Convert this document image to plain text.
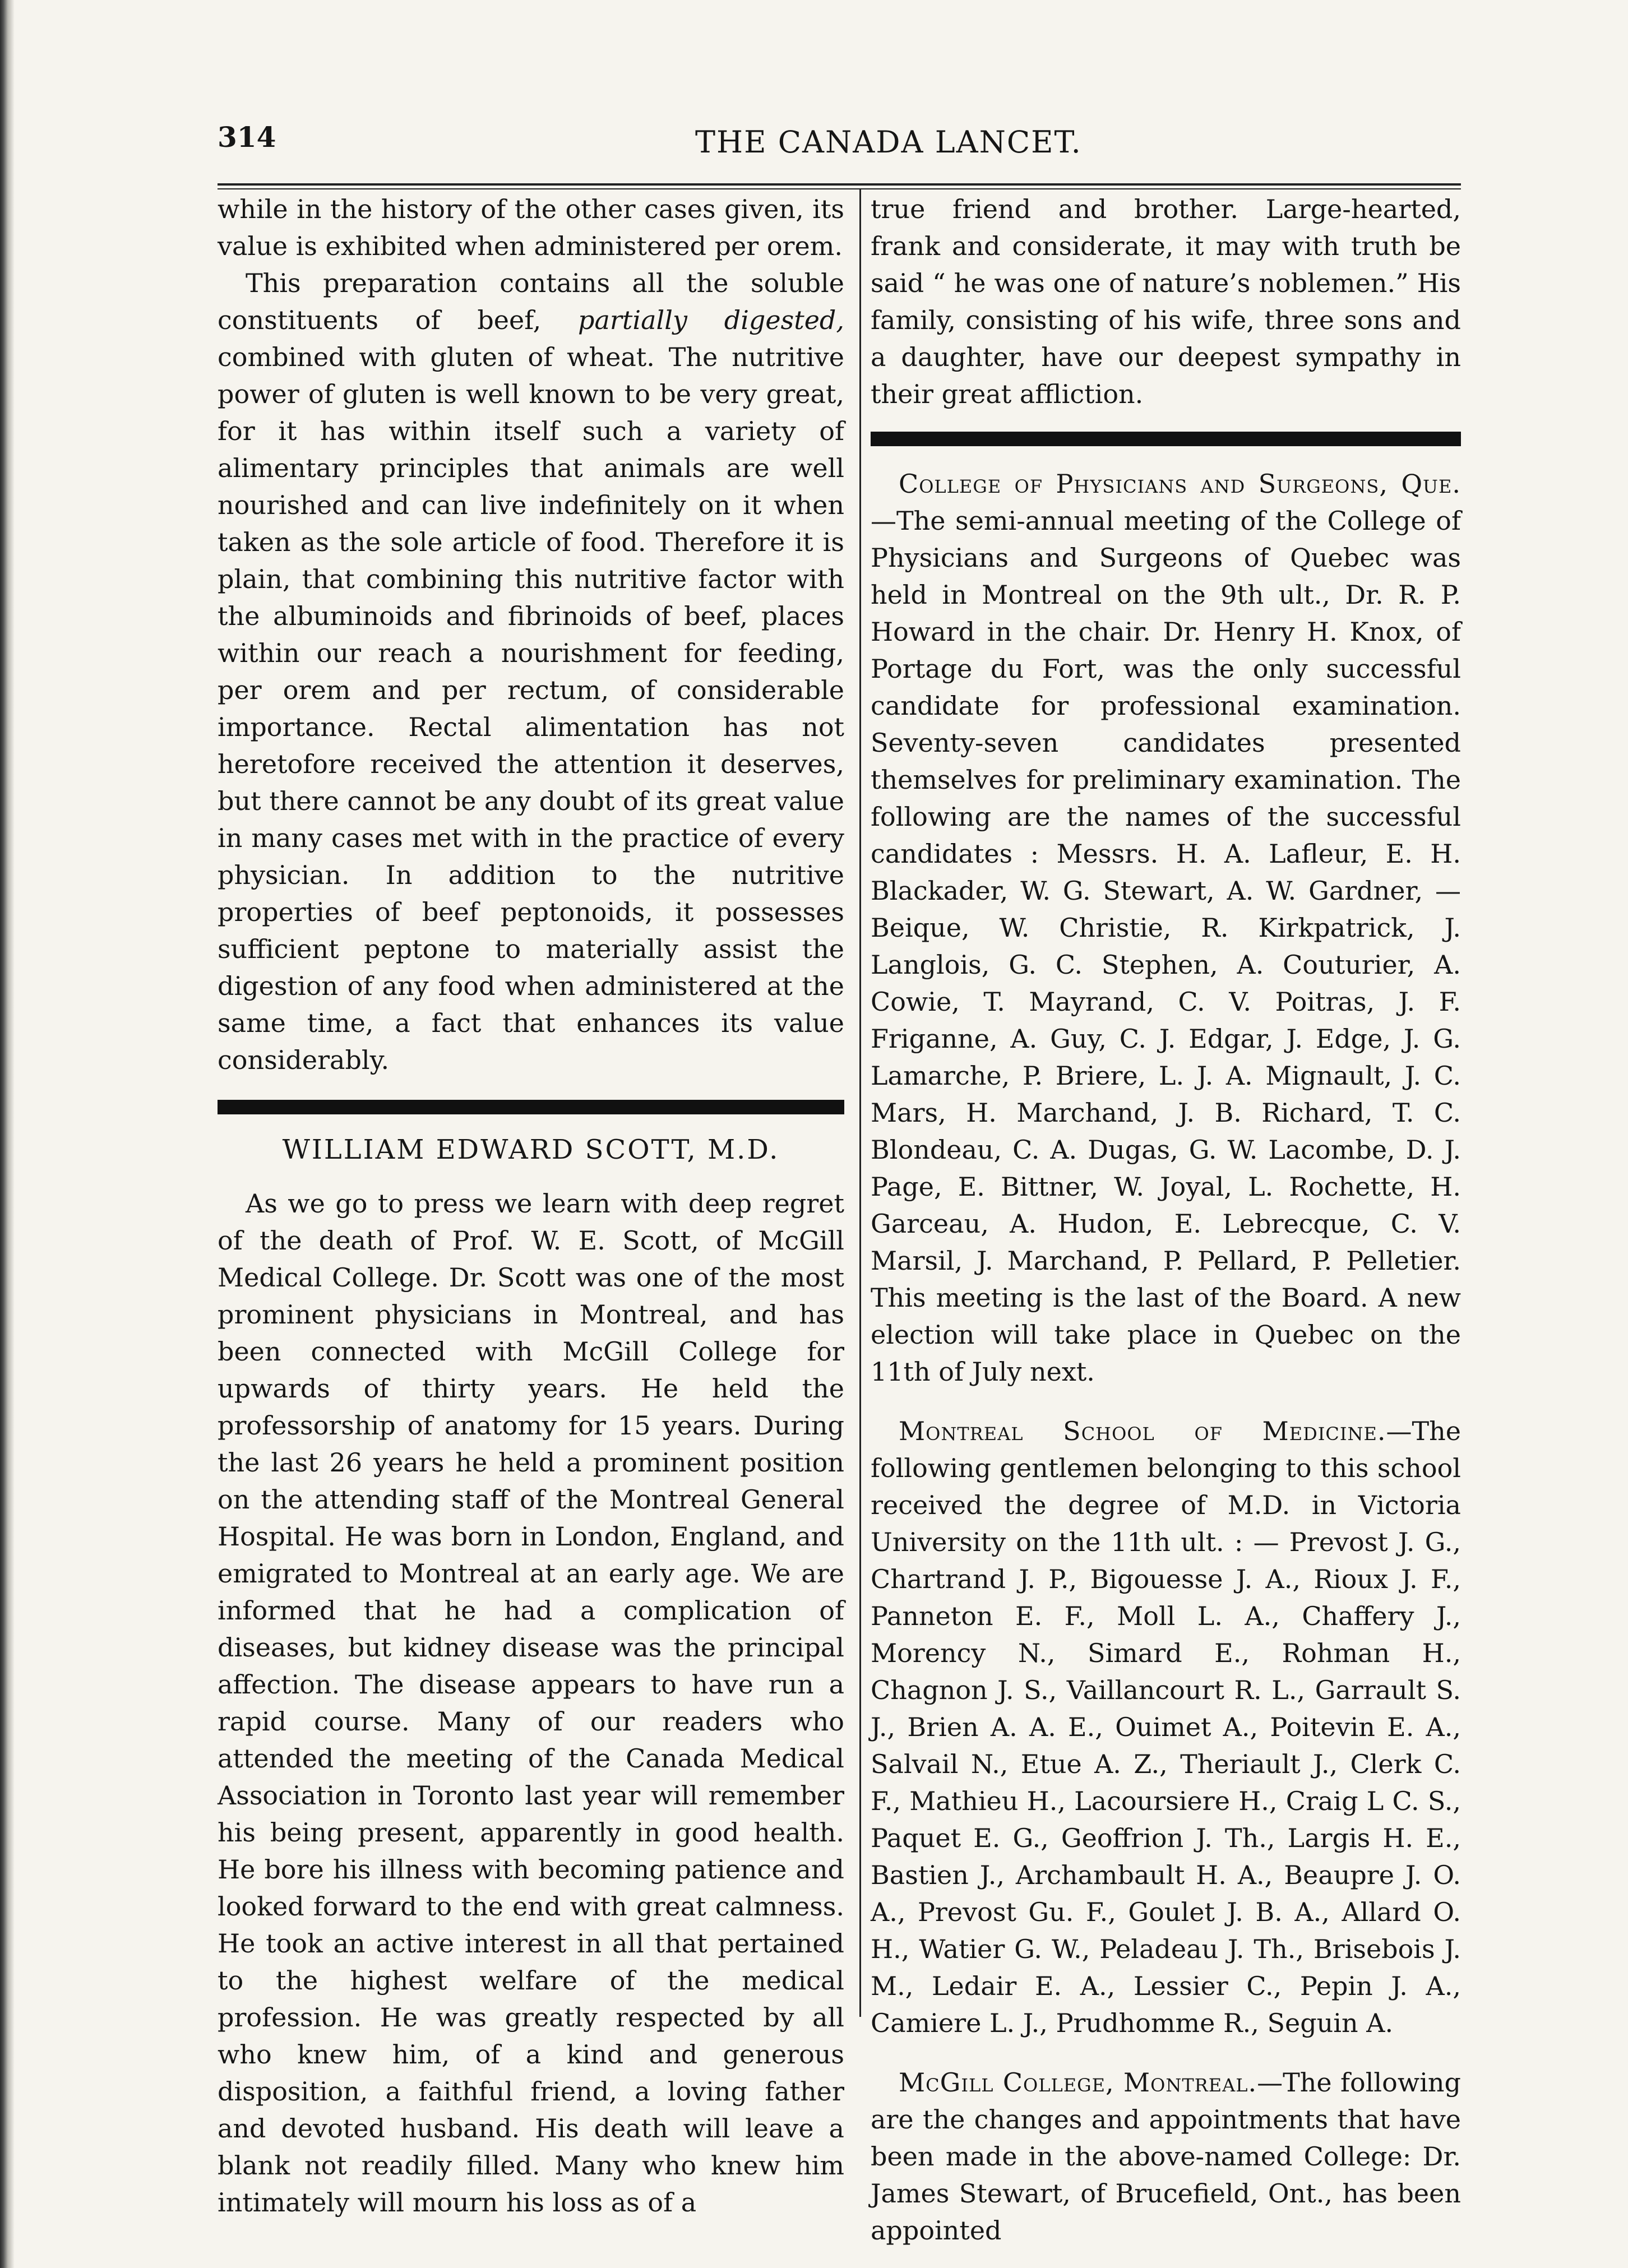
314	THE CANADA LANCET.

while in the history of the other cases given, its value is exhibited when administered per orem.

This preparation contains all the soluble constituents of beef, partially digested, combined with gluten of wheat. The nutritive power of gluten is well known to be very great, for it has within itself such a variety of alimentary principles that animals are well nourished and can live indefinitely on it when taken as the sole article of food. Therefore it is plain, that combining this nutritive factor with the albuminoids and fibrinoids of beef, places within our reach a nourishment for feeding, per orem and per rectum, of considerable importance. Rectal alimentation has not heretofore received the attention it deserves, but there cannot be any doubt of its great value in many cases met with in the practice of every physician. In addition to the nutritive properties of beef peptonoids, it possesses sufficient peptone to materially assist the digestion of any food when administered at the same time, a fact that enhances its value considerably.

WILLIAM EDWARD SCOTT, M.D.

As we go to press we learn with deep regret of the death of Prof. W. E. Scott, of McGill Medical College. Dr. Scott was one of the most prominent physicians in Montreal, and has been connected with McGill College for upwards of thirty years. He held the professorship of anatomy for 15 years. During the last 26 years he held a prominent position on the attending staff of the Montreal General Hospital. He was born in London, England, and emigrated to Montreal at an early age. We are informed that he had a complication of diseases, but kidney disease was the principal affection. The disease appears to have run a rapid course. Many of our readers who attended the meeting of the Canada Medical Association in Toronto last year will remember his being present, apparently in good health. He bore his illness with becoming patience and looked forward to the end with great calmness. He took an active interest in all that pertained to the highest welfare of the medical profession. He was greatly respected by all who knew him, of a kind and generous disposition, a faithful friend, a loving father and devoted husband. His death will leave a blank not readily filled. Many who knew him intimately will mourn his loss as of a

true friend and brother. Large-hearted, frank and considerate, it may with truth be said “ he was one of nature’s noblemen.” His family, consisting of his wife, three sons and a daughter, have our deepest sympathy in their great affliction.

College of Physicians and Surgeons, Que.—The semi-annual meeting of the College of Physicians and Surgeons of Quebec was held in Montreal on the 9th ult., Dr. R. P. Howard in the chair. Dr. Henry H. Knox, of Portage du Fort, was the only successful candidate for professional examination. Seventy-seven candidates presented themselves for preliminary examination. The following are the names of the successful candidates : Messrs. H. A. Lafleur, E. H. Blackader, W. G. Stewart, A. W. Gardner, — Beique, W. Christie, R. Kirkpatrick, J. Langlois, G. C. Stephen, A. Couturier, A. Cowie, T. Mayrand, C. V. Poitras, J. F. Friganne, A. Guy, C. J. Edgar, J. Edge, J. G. Lamarche, P. Briere, L. J. A. Mignault, J. C. Mars, H. Marchand, J. B. Richard, T. C. Blondeau, C. A. Dugas, G. W. Lacombe, D. J. Page, E. Bittner, W. Joyal, L. Rochette, H. Garceau, A. Hudon, E. Lebrecque, C. V. Marsil, J. Marchand, P. Pellard, P. Pelletier. This meeting is the last of the Board. A new election will take place in Quebec on the 11th of July next.

Montreal School of Medicine.—The following gentlemen belonging to this school received the degree of M.D. in Victoria University on the 11th ult. : — Prevost J. G., Chartrand J. P., Bigouesse J. A., Rioux J. F., Panneton E. F., Moll L. A., Chaffery J., Morency N., Simard E., Rohman H., Chagnon J. S., Vaillancourt R. L., Garrault S. J., Brien A. A. E., Ouimet A., Poitevin E. A., Salvail N., Etue A. Z., Theriault J., Clerk C. F., Mathieu H., Lacoursiere H., Craig L C. S., Paquet E. G., Geoffrion J. Th., Largis H. E., Bastien J., Archambault H. A., Beaupre J. O. A., Prevost Gu. F., Goulet J. B. A., Allard O. H., Watier G. W., Peladeau J. Th., Brisebois J. M., Ledair E. A., Lessier C., Pepin J. A., Camiere L. J., Prudhomme R., Seguin A.

McGill College, Montreal.—The following are the changes and appointments that have been made in the above-named College: Dr. James Stewart, of Brucefield, Ont., has been appointed
